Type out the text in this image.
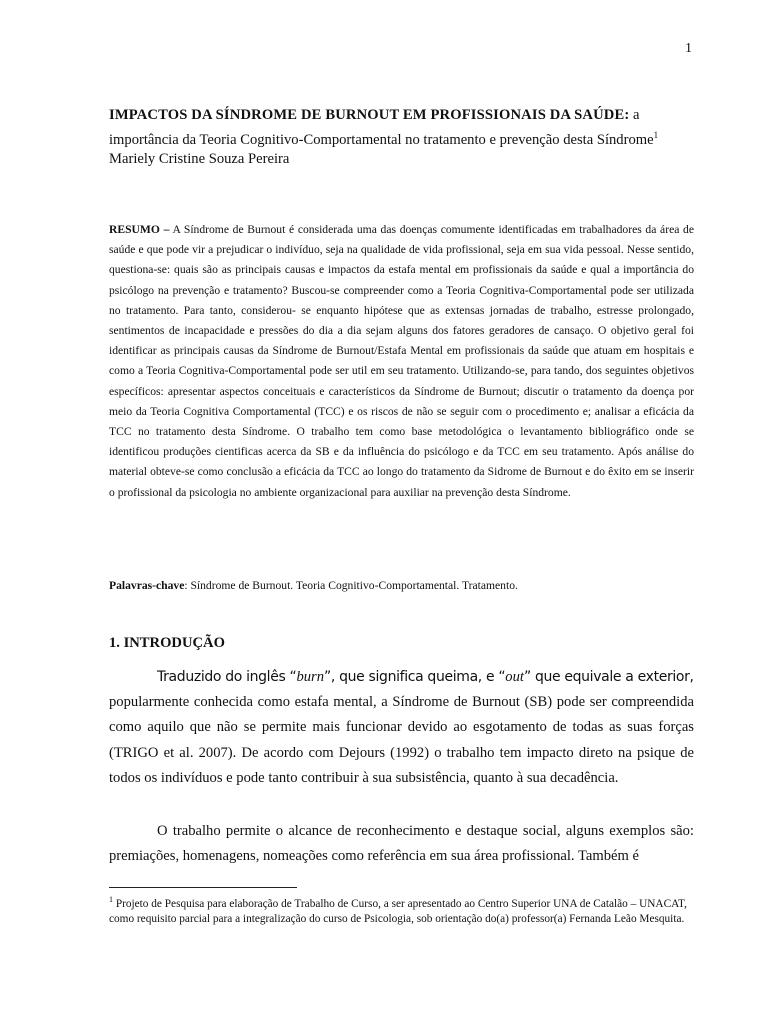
1
IMPACTOS DA SÍNDROME DE BURNOUT EM PROFISSIONAIS DA SAÚDE: a importância da Teoria Cognitivo-Comportamental no tratamento e prevenção desta Síndrome$^1$
Mariely Cristine Souza Pereira

RESUMO – A Síndrome de Burnout é considerada uma das doenças comumente identificadas em trabalhadores da área de saúde e que pode vir a prejudicar o indivíduo, seja na qualidade de vida profissional, seja em sua vida pessoal. Nesse sentido, questiona-se: quais são as principais causas e impactos da estafa mental em profissionais da saúde e qual a importância do psicólogo na prevenção e tratamento? Buscou-se compreender como a Teoria Cognitiva-Comportamental pode ser utilizada no tratamento. Para tanto, considerou- se enquanto hipótese que as extensas jornadas de trabalho, estresse prolongado, sentimentos de incapacidade e pressões do dia a dia sejam alguns dos fatores geradores de cansaço. O objetivo geral foi identificar as principais causas da Síndrome de Burnout/Estafa Mental em profissionais da saúde que atuam em hospitais e como a Teoria Cognitiva-Comportamental pode ser util em seu tratamento. Utilizando-se, para tando, dos seguintes objetivos específicos: apresentar aspectos conceituais e característicos da Síndrome de Burnout; discutir o tratamento da doença por meio da Teoria Cognitiva Comportamental (TCC) e os riscos de não se seguir com o procedimento e; analisar a eficácia da TCC no tratamento desta Síndrome. O trabalho tem como base metodológica o levantamento bibliográfico onde se identificou produções cientificas acerca da SB e da influência do psicólogo e da TCC em seu tratamento. Após análise do material obteve-se como conclusão a eficácia da TCC ao longo do tratamento da Sidrome de Burnout e do êxito em se inserir o profissional da psicologia no ambiente organizacional para auxiliar na prevenção desta Síndrome.

Palavras-chave: Síndrome de Burnout. Teoria Cognitivo-Comportamental. Tratamento.

1. INTRODUÇÃO

Traduzido do inglês “burn”, que significa queima, e “out” que equivale a exterior,

popularmente conhecida como estafa mental, a Síndrome de Burnout (SB) pode ser compreendida como aquilo que não se permite mais funcionar devido ao esgotamento de todas as suas forças (TRIGO et al. 2007). De acordo com Dejours (1992) o trabalho tem impacto direto na psique de todos os indivíduos e pode tanto contribuir à sua subsistência, quanto à sua decadência.

O trabalho permite o alcance de reconhecimento e destaque social, alguns exemplos são: premiações, homenagens, nomeações como referência em sua área profissional. Também é

$^1$ Projeto de Pesquisa para elaboração de Trabalho de Curso, a ser apresentado ao Centro Superior UNA de Catalão – UNACAT, como requisito parcial para a integralização do curso de Psicologia, sob orientação do(a) professor(a) Fernanda Leão Mesquita.
